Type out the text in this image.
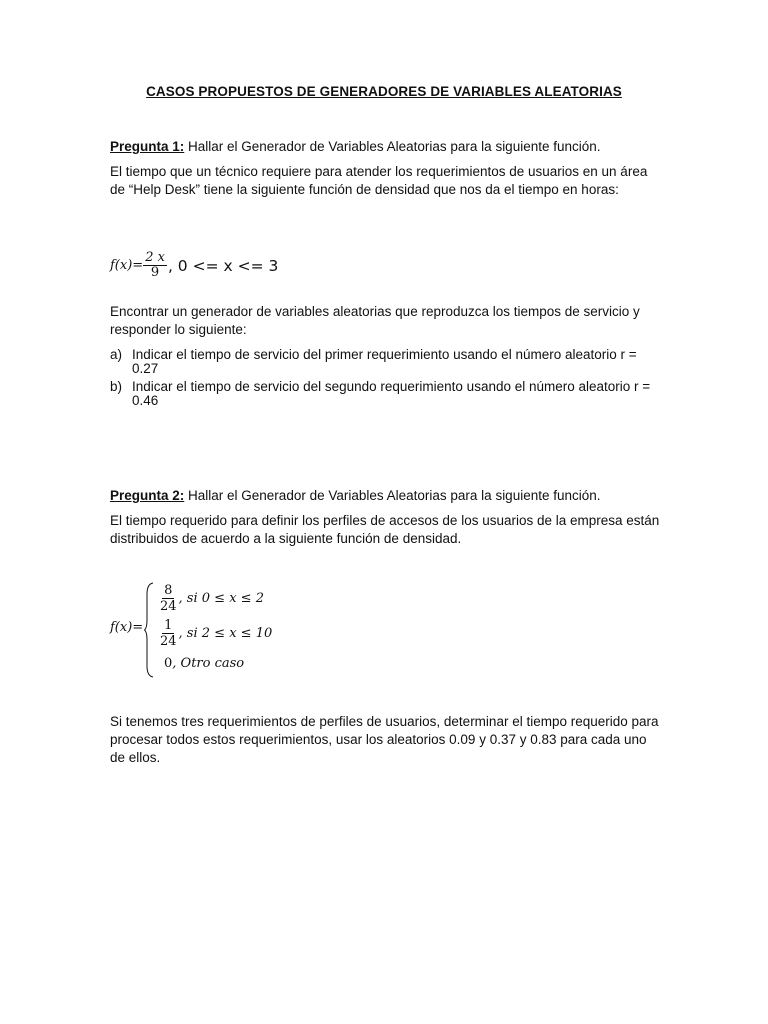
CASOS PROPUESTOS DE GENERADORES DE VARIABLES ALEATORIAS
Pregunta 1: Hallar el Generador de Variables Aleatorias para la siguiente función.
El tiempo que un técnico requiere para atender los requerimientos de usuarios en un área de “Help Desk” tiene la siguiente función de densidad que nos da el tiempo en horas:
$f(x)= \frac{2 x}{9}$ , 0 <= x <= 3
Encontrar un generador de variables aleatorias que reproduzca los tiempos de servicio y responder lo siguiente:
a) Indicar el tiempo de servicio del primer requerimiento usando el número aleatorio r = 0.27
b) Indicar el tiempo de servicio del segundo requerimiento usando el número aleatorio r = 0.46
Pregunta 2: Hallar el Generador de Variables Aleatorias para la siguiente función.
El tiempo requerido para definir los perfiles de accesos de los usuarios de la empresa están distribuidos de acuerdo a la siguiente función de densidad.
f(x)=
$\frac{8}{24}$ , si 0 ≤ x ≤ 2
$\frac{1}{24}$ , si 2 ≤ x ≤ 10
0 , Otro caso
Si tenemos tres requerimientos de perfiles de usuarios, determinar el tiempo requerido para procesar todos estos requerimientos, usar los aleatorios 0.09 y 0.37 y 0.83 para cada uno de ellos.
